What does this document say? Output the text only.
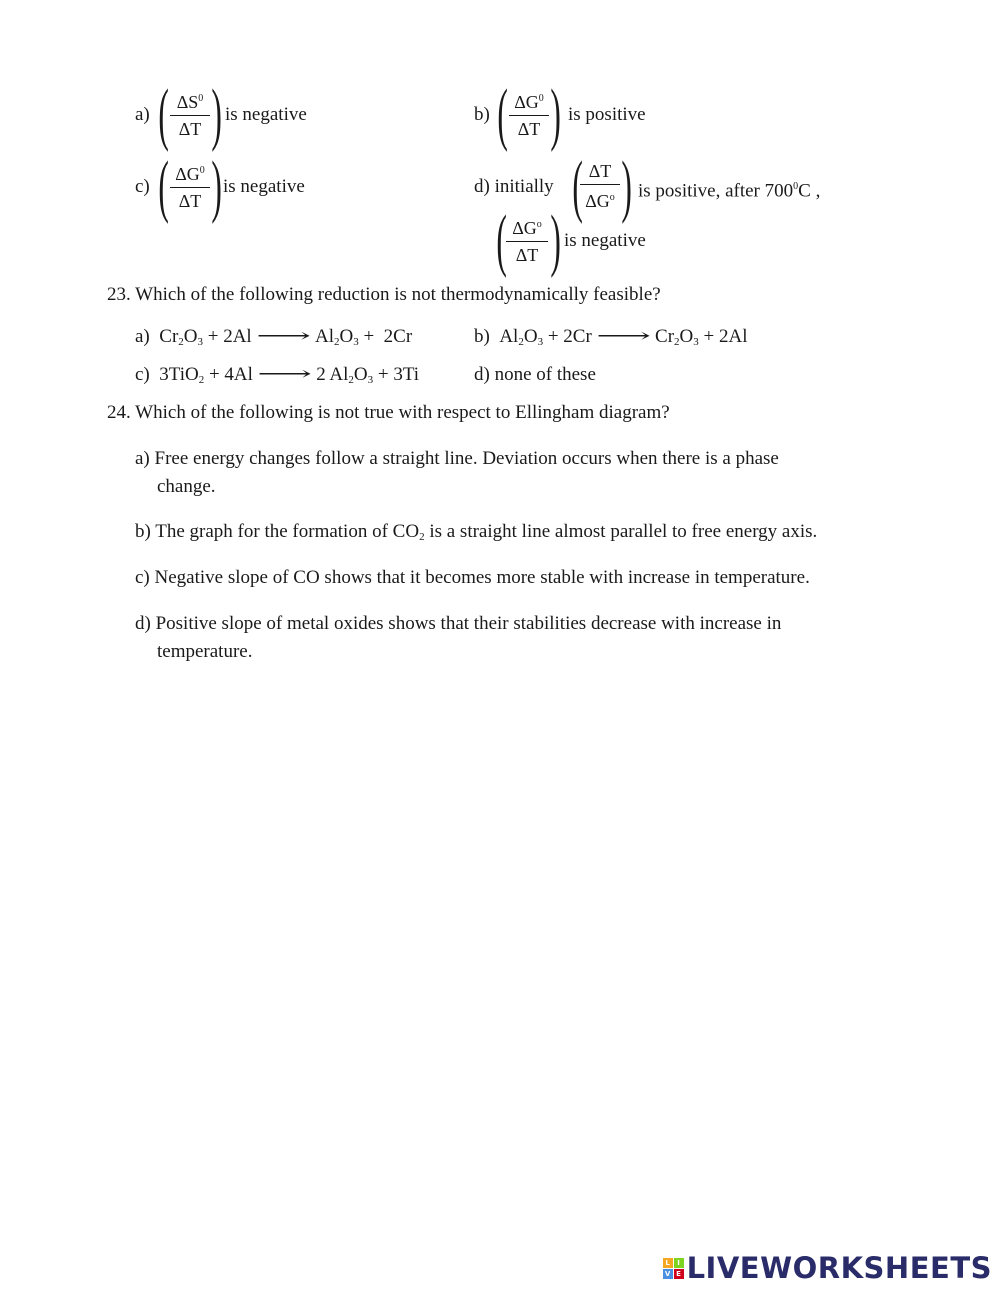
a) ( $\frac{\Delta S^0}{\Delta T}$ ) is negative	b) ( $\frac{\Delta G^0}{\Delta T}$ ) is positive
c) ( $\frac{\Delta G^0}{\Delta T}$ ) is negative	d) initially ( ΔT
$\Delta G^o$ ) is positive, after $700^0C$ ,
( $\Delta G^o$
ΔT ) is negative
23. Which of the following reduction is not thermodynamically feasible?
a)  $Cr_2O_3 + 2Al$ ⟶ $Al_2O_3 + 2Cr$	b)  $Al_2O_3 + 2Cr$ ⟶ $Cr_2O_3 + 2Al$
c)  3TiO$_2$ + 4Al ⟶ 2 $Al_2O_3 + 3Ti$	d) none of these
24. Which of the following is not true with respect to Ellingham diagram?
a) Free energy changes follow a straight line. Deviation occurs when there is a phase
change.
b) The graph for the formation of $CO_2$ is a straight line almost parallel to free energy axis.
c) Negative slope of CO shows that it becomes more stable with increase in temperature.
d) Positive slope of metal oxides shows that their stabilities decrease with increase in
temperature.
L	I
V E LIVEWORKSHEETS
